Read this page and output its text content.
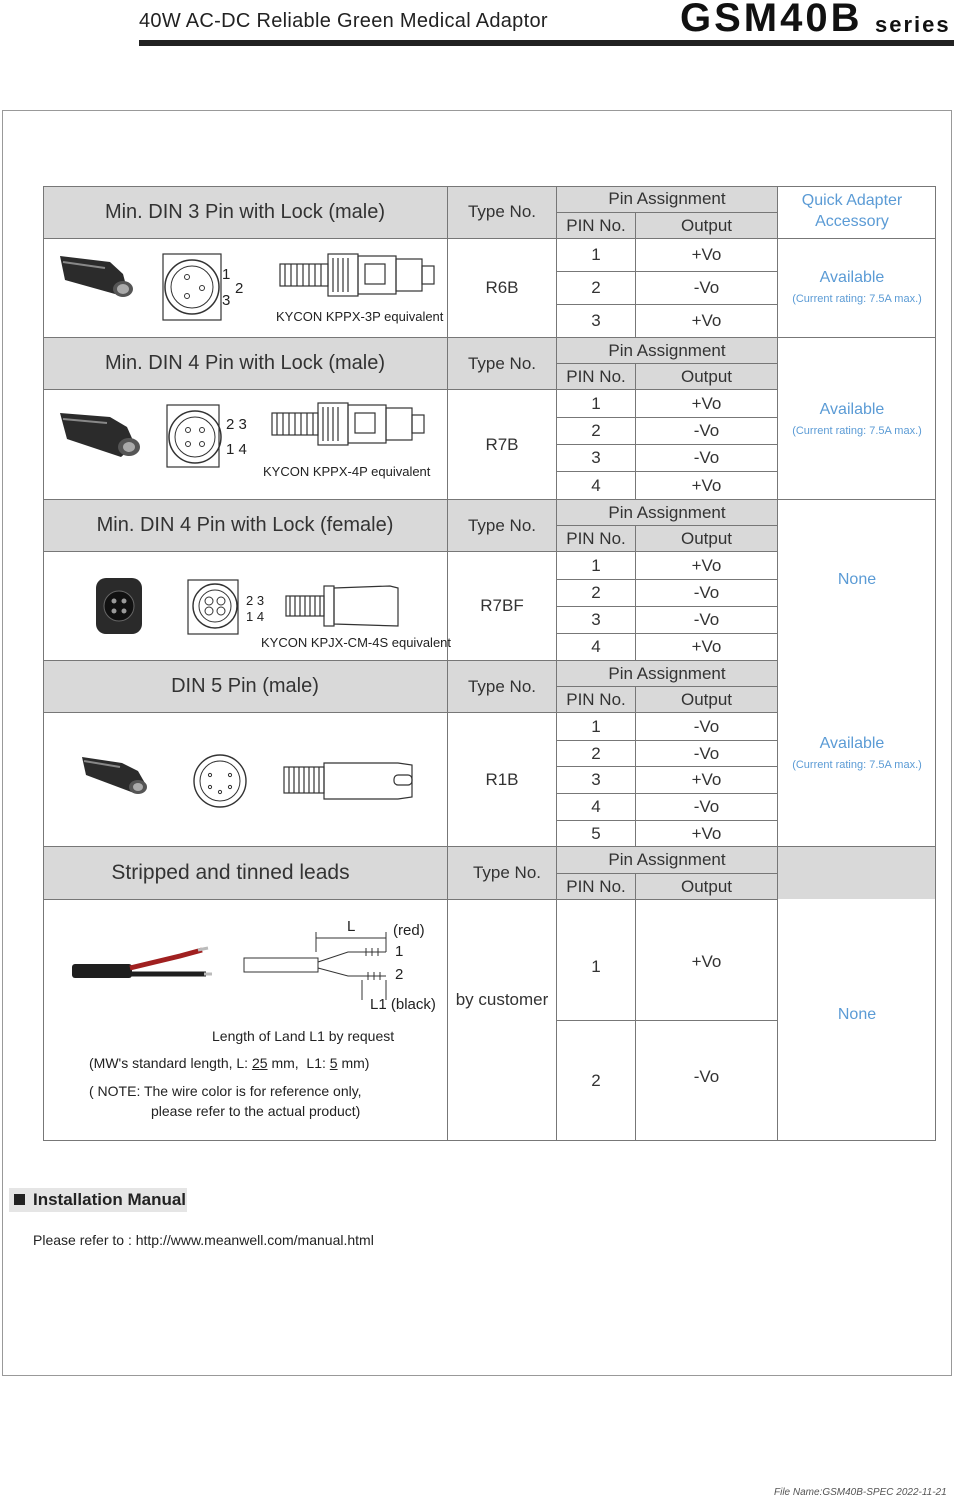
40W AC-DC Reliable Green Medical Adaptor	GSM40B series
Quick Adapter
Accessory
Min. DIN 3 Pin with Lock (male)	Type No.
Pin Assignment
PIN No.	Output
R6B
1	+Vo
2	-Vo
3	+Vo
Available
(Current rating: 7.5A max.)
1
2
3
KYCON KPPX-3P equivalent
Min. DIN 4 Pin with Lock (male)	Type No.
Pin Assignment
PIN No.	Output
R7B
1	+Vo
2	-Vo
3	-Vo
4	+Vo
Available
(Current rating: 7.5A max.)
2 3
1 4
KYCON KPPX-4P equivalent
Min. DIN 4 Pin with Lock (female)	Type No.
Pin Assignment
PIN No.	Output
R7BF
1	+Vo
2	-Vo
3	-Vo
4	+Vo
None
2 3
1 4
KYCON KPJX-CM-4S equivalent
DIN 5 Pin (male)	Type No.
Pin Assignment
PIN No.	Output
R1B
1	-Vo
2	-Vo
3	+Vo
4	-Vo
5	+Vo
Available
(Current rating: 7.5A max.)
Stripped and tinned leads	Type No.
Pin Assignment
PIN No.	Output
by customer
1	+Vo
2	-Vo
None
L	(red)
1
2
L1 (black)
Length of Land L1 by request
(MW's standard length, L: 25 mm,  L1: 5 mm)
( NOTE: The wire color is for reference only,
please refer to the actual product)
Installation Manual
Please refer to : http://www.meanwell.com/manual.html
File Name:GSM40B-SPEC 2022-11-21
